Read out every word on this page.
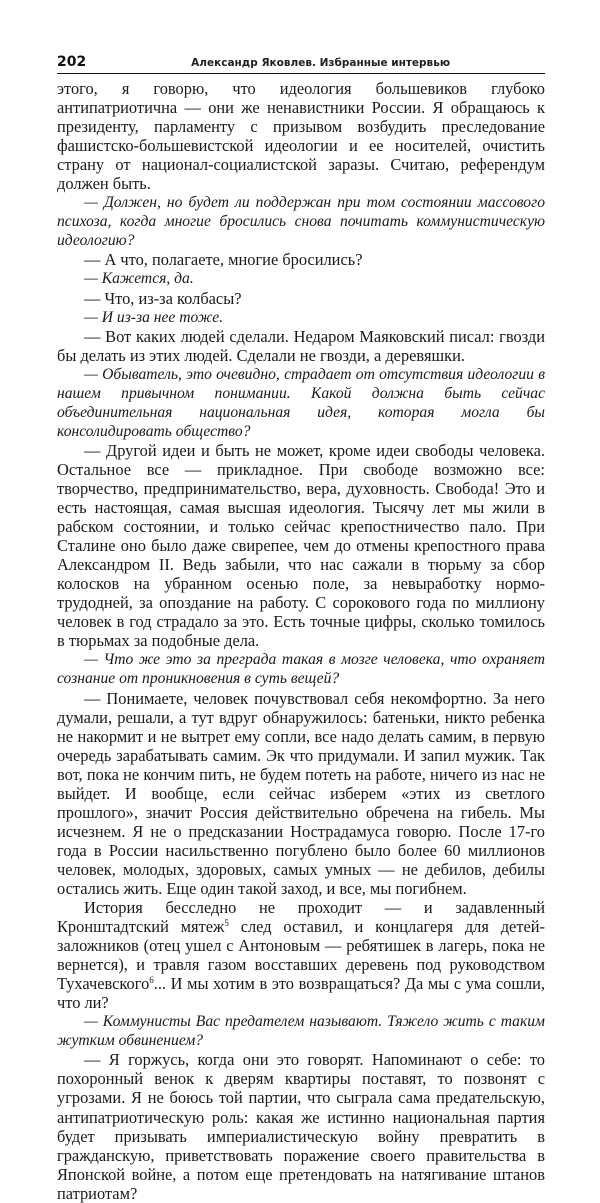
202	Александр Яковлев. Избранные интервью

этого, я говорю, что идеология большевиков глубоко антипатриотична — они же ненавистники России. Я обращаюсь к президенту, парламенту с призывом возбудить преследование фашистско-большевистской идеологии и ее носителей, очистить страну от национал-социалистской заразы. Считаю, референдум должен быть.

— Должен, но будет ли поддержан при том состоянии массового психоза, когда многие бросились снова почитать коммунистическую идеологию?

— А что, полагаете, многие бросились?

— Кажется, да.

— Что, из-за колбасы?

— И из-за нее тоже.

— Вот каких людей сделали. Недаром Маяковский писал: гвозди бы делать из этих людей. Сделали не гвозди, а деревяшки.

— Обыватель, это очевидно, страдает от отсутствия идеологии в нашем привычном понимании. Какой должна быть сейчас объединительная национальная идея, которая могла бы консолидировать общество?

— Другой идеи и быть не может, кроме идеи свободы человека. Остальное все — прикладное. При свободе возможно все: творчество, предпринимательство, вера, духовность. Свобода! Это и есть настоящая, самая высшая идеология. Тысячу лет мы жили в рабском состоянии, и только сейчас крепостничество пало. При Сталине оно было даже свирепее, чем до отмены крепостного права Александром II. Ведь забыли, что нас сажали в тюрьму за сбор колосков на убранном осенью поле, за невыработку нормо-трудодней, за опоздание на работу. С сорокового года по миллиону человек в год страдало за это. Есть точные цифры, сколько томилось в тюрьмах за подобные дела.

— Что же это за преграда такая в мозге человека, что охраняет сознание от проникновения в суть вещей?

— Понимаете, человек почувствовал себя некомфортно. За него думали, решали, а тут вдруг обнаружилось: батеньки, никто ребенка не накормит и не вытрет ему сопли, все надо делать самим, в первую очередь зарабатывать самим. Эк что придумали. И запил мужик. Так вот, пока не кончим пить, не будем потеть на работе, ничего из нас не выйдет. И вообще, если сейчас изберем «этих из светлого прошлого», значит Россия действительно обречена на гибель. Мы исчезнем. Я не о предсказании Нострадамуса говорю. После 17-го года в России насильственно погублено было более 60 миллионов человек, молодых, здоровых, самых умных — не дебилов, дебилы остались жить. Еще один такой заход, и все, мы погибнем.

История бесследно не проходит — и задавленный Кронштадтский мятеж$^5$ след оставил, и концлагеря для детей-заложников (отец ушел с Антоновым — ребятишек в лагерь, пока не вернется), и травля газом восставших деревень под руководством Тухачевского$^6$... И мы хотим в это возвращаться? Да мы с ума сошли, что ли?

— Коммунисты Вас предателем называют. Тяжело жить с таким жутким обвинением?

— Я горжусь, когда они это говорят. Напоминают о себе: то похоронный венок к дверям квартиры поставят, то позвонят с угрозами. Я не боюсь той партии, что сыграла сама предательскую, антипатриотическую роль: какая же истинно национальная партия будет призывать империалистическую войну превратить в гражданскую, приветствовать поражение своего правительства в Японской войне, а потом еще претендовать на натягивание штанов патриотам?
